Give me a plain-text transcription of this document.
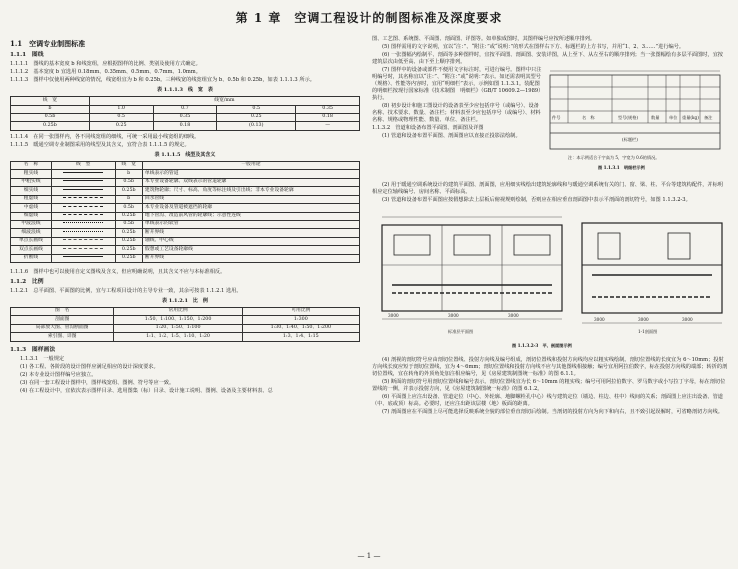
第 1 章　空调工程设计的制图标准及深度要求
1.1　空调专业制图标准
1.1.1　图线
1.1.1.1　图线的基本宽度 b 和线宽组，应根据图样的比例、类别及使用方式确定。
1.1.1.2　基本宽度 b 宜选用 0.18mm、0.35mm、0.5mm、0.7mm、1.0mm。
1.1.1.3　图样中仅使用两种线宽的情况，线宽组宜为 b 和 0.25b。三种线宽的线宽组宜为 b、0.5b 和 0.25b，如表 1.1.1.3 所示。
表 1.1.1.3　线　宽　表
线　宽	线宽/mm			
b	1.0	0.7	0.5	0.35
0.5b	0.5	0.35	0.25	0.18
0.25b	0.25	0.18	(0.13)	—
1.1.1.4　在同一张图样内，各不同线宽组的细线，可统一采用最小线宽组的细线。
1.1.1.5　暖通空调专业制图采用的线型及其含义，宜符合表 1.1.1.5 的规定。
表 1.1.1.5　线型及其含义
名　称	线　型	线　宽	一般用途
粗实线		b	单线表示的管道
中粗实线		0.5b	本专业设备轮廓、双线表示的管道轮廓
细实线		0.25b	建筑物轮廓；尺寸、标高、角度等标注线及引出线；非本专业设备轮廓
粗虚线		b	回水管线
中虚线		0.5b	本专业设备及管道被遮挡的轮廓
细虚线		0.25b	地下管沟、改造前风管的轮廓线；示意性连线
中波浪线		0.5b	单线表示的软管
细波浪线		0.25b	断开界线
单点长画线		0.25b	轴线、中心线
双点长画线		0.25b	假想或工艺设备轮廓线
折断线		0.25b	断开界线
1.1.1.6　图样中也可以使用自定义图线及含义，但应明确说明，且其含义不应与本标准相反。
1.1.2　比例
1.1.2.1　总平面图、平面图的比例，宜与工程项目设计的主导专业一致，其余可按表 1.1.2.1 选用。
表 1.1.2.1　比　例
图　名	常用比例	可用比例
剖面图	1:50、1:100、1:150、1:200	1:300
局部放大图、管沟断面图	1:20、1:50、1:100	1:30、1:40、1:50、1:200
索引图、详图	1:1、1:2、1:5、1:10、1:20	1:3、1:4、1:15
1.1.3　图样画法
1.1.3.1　一般规定
(1) 各工程、各阶段的设计图样应满足相应的设计深度要求。
(2) 本专业设计图样编号应独立。
(3) 在同一套工程设计图样中，图样线宽组、图例、符号等应一致。
(4) 在工程设计中，宜依次表示图样目录、选用图集（标）目录、设计施工说明、图例、设备及主要材料表、总
图、工艺图、系统图、平面图、剖面图、详图等。如单独成图时，其图样编号应按所述顺序排列。
(5) 图样需用的文字说明，宜以“注：”、“附注：”或“说明：”的形式在图样右下方、标题栏的上方书写，并用“1、2、3……”进行编号。
(6) 一张图幅内绘制平、剖面等多种图样时，宜按平面图、剖面图、安装详图，从上至下、从左至右的顺序排列；当一张图幅绘有多层平面图时，宜按建筑层次由低至高、由下至上顺序排列。
(7) 图样中的设备或部件不便用文字标注时，可进行编号。图样中只注明编号时，其名称宜以“注：”、“附注：”或“说明：”表示。如还需表明其型号（规格）、性能等内容时，宜用“明细栏”表示，示例如图 1.1.3.1。装配图的明细栏按现行国家标准《技术制图　明细栏》（GB/T 10609.2—1989）执行。
(8) 初步设计和施工图设计的设备表至少应包括序号（或编号）、设备名称、技术要求、数量、备注栏；材料表至少应包括序号（或编号）、材料名称、规格或物理性能、数量、单位、备注栏。
1.1.3.2　管道和设备布置平面图、剖面图及详图
(1) 管道和设备布置平面图、剖面图应以直接正投影法绘制。
件号	名　称	型号(规格)	数量 单位 重量(kg) 备注
(标题栏)
注：本示例适合于字高为 5，字宽为 0.6的情况。
图 1.1.3.1　明细栏示例
(2) 用于暖通空调系统设计的建筑平面图、剖面图，应用细实线绘出建筑轮廓线和与暖通空调系统有关的门、窗、梁、柱、平台等建筑构配件，并标明相应定位轴线编号、房间名称、平面标高。
(3) 管道和设备布置平面图应按假想除去上层板后俯视规则绘制，否则应在相应垂直剖面图中表示平剖面的剖切符号，如图 1.1.3.2-3。
3000	3000	3000
3000	3000	3000
标准层平面图	1-1剖面图
图 1.1.3.2-3　平、剖面图示例
(4) 剖视的剖切符号应由剖切位置线、投射方向线及编号组成，剖切位置线和投射方向线均应以粗实线绘制。剖切位置线的长度宜为 6～10mm；投射方向线长度应短于剖切位置线，宜为 4～6mm；剖切位置线和投射方向线不应与其他图线相接触；编号宜用阿拉伯数字，标在投射方向线的端部；转折的剖切位置线，宜在转角的外顶角处加注相应编号，见《房屋建筑制图统一标准》的图 6.1.1。
(5) 断面的剖切符号用剖切位置线和编号表示。剖切位置线宜为长 6～10mm 的粗实线；编号可用阿拉伯数字、罗马数字或小写拉丁字母，标在剖切位置线的一侧，并表示投射方向，见《房屋建筑制图统一标准》的图 6.1.2。
(6) 平面图上应注出设备、管道定位（中心、外轮廓、地脚螺栓孔中心）线与建筑定位（墙边、柱边、柱中）线间的关系；剖面图上应注出设备、管道（中、底或顶）标高。必要时，还应注出距该层楼（地）板面的距离。
(7) 剖面图应在平面图上尽可能选择反映系统全貌的部位垂直剖切后绘制。当剖切的投射方向为向下和向右，且不致引起误解时，可省略剖切方向线。
— 1 —
